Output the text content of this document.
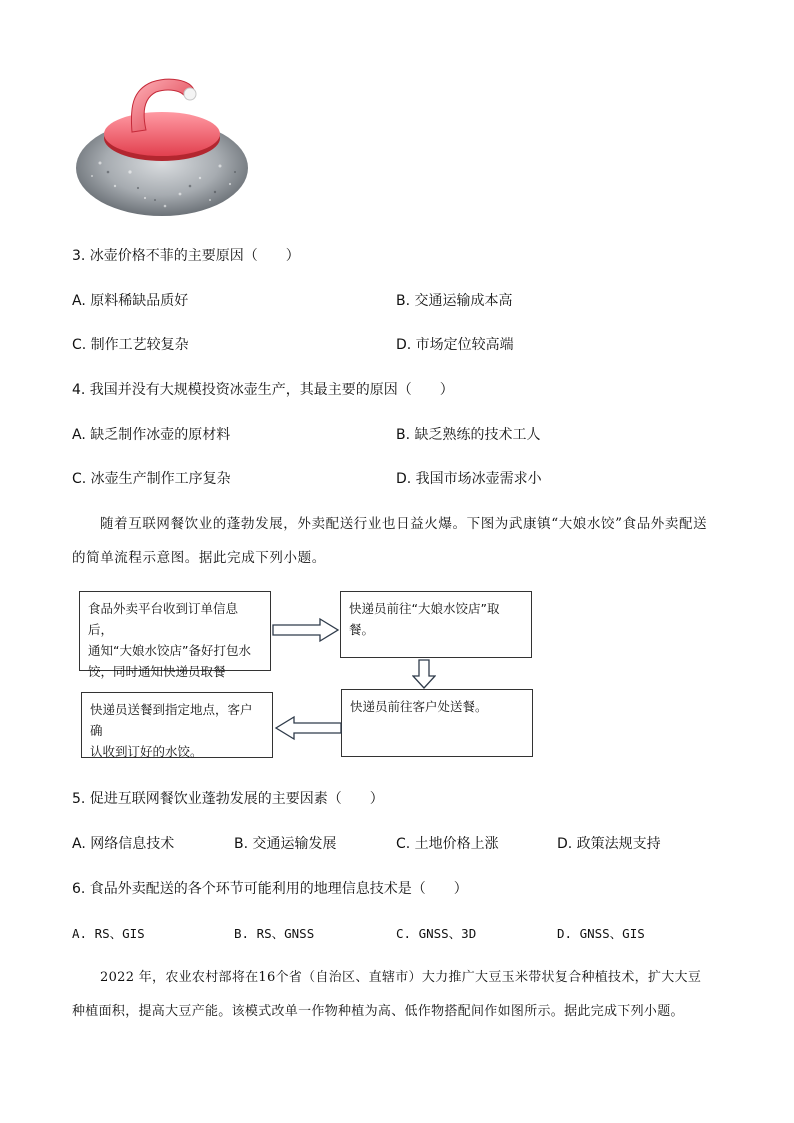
3. 冰壶价格不菲的主要原因（　　）
A. 原料稀缺品质好	B. 交通运输成本高
C. 制作工艺较复杂	D. 市场定位较高端
4. 我国并没有大规模投资冰壶生产，其最主要的原因（　　）
A. 缺乏制作冰壶的原材料	B. 缺乏熟练的技术工人
C. 冰壶生产制作工序复杂	D. 我国市场冰壶需求小
随着互联网餐饮业的蓬勃发展，外卖配送行业也日益火爆。下图为武康镇“大娘水饺”食品外卖配送
的简单流程示意图。据此完成下列小题。
食品外卖平台收到订单信息后，
通知“大娘水饺店”备好打包水
饺，同时通知快递员取餐
快递员前往“大娘水饺店”取餐。
快递员前往客户处送餐。
快递员送餐到指定地点，客户确
认收到订好的水饺。
5. 促进互联网餐饮业蓬勃发展的主要因素（　　）
A. 网络信息技术	B. 交通运输发展	C. 土地价格上涨	D. 政策法规支持
6. 食品外卖配送的各个环节可能利用的地理信息技术是（　　）
A. RS、GIS	B. RS、GNSS	C. GNSS、3D	D. GNSS、GIS
2022 年，农业农村部将在16个省（自治区、直辖市）大力推广大豆玉米带状复合种植技术，扩大大豆
种植面积，提高大豆产能。该模式改单一作物种植为高、低作物搭配间作如图所示。据此完成下列小题。
